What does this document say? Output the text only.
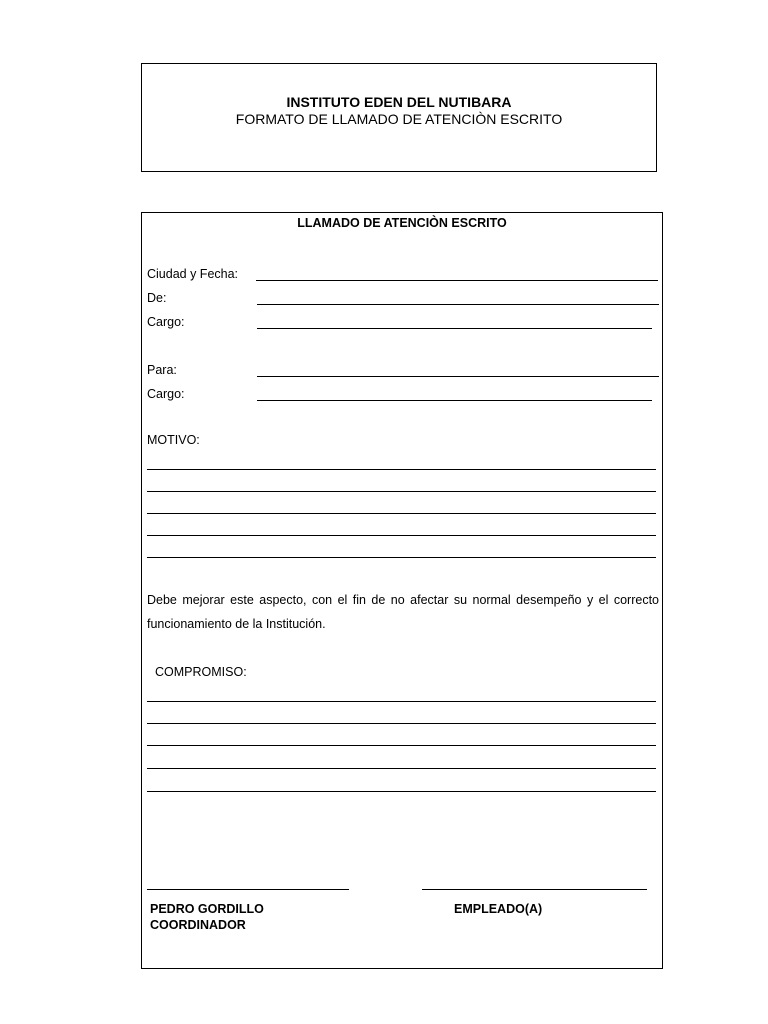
INSTITUTO EDEN DEL NUTIBARA
FORMATO DE LLAMADO DE ATENCIÒN ESCRITO
LLAMADO DE ATENCIÒN ESCRITO
Ciudad y Fecha:
De:
Cargo:
Para:
Cargo:
MOTIVO:
Debe mejorar este aspecto, con el fin de no afectar su normal desempeño y el correcto funcionamiento de la Institución.
COMPROMISO:
PEDRO GORDILLO
COORDINADOR
EMPLEADO(A)
